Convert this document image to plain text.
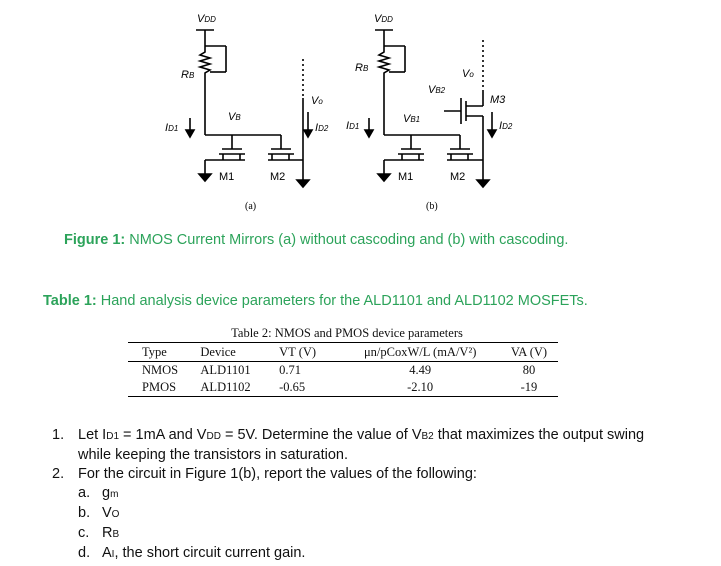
VDD
RB
VB
Vo
ID1	ID2
M1	M2
(a)
VDD
RB
VB2
Vo
M3
VB1
ID1	ID2
M1	M2
(b)
Figure 1: NMOS Current Mirrors (a) without cascoding and (b) with cascoding.
Table 1: Hand analysis device parameters for the ALD1101 and ALD1102 MOSFETs.
Table 2: NMOS and PMOS device parameters
Type	Device	VT (V)	μn/pCoxW/L (mA/V²)	VA (V)
NMOS	ALD1101	0.71	4.49	80
PMOS	ALD1102	-0.65	-2.10	-19
1. Let ID1 = 1mA and VDD = 5V. Determine the value of VB2 that maximizes the output swing while keeping the transistors in saturation.
2. For the circuit in Figure 1(b), report the values of the following:
a. gm
b. VO
c. RB
d. AI, the short circuit current gain.
